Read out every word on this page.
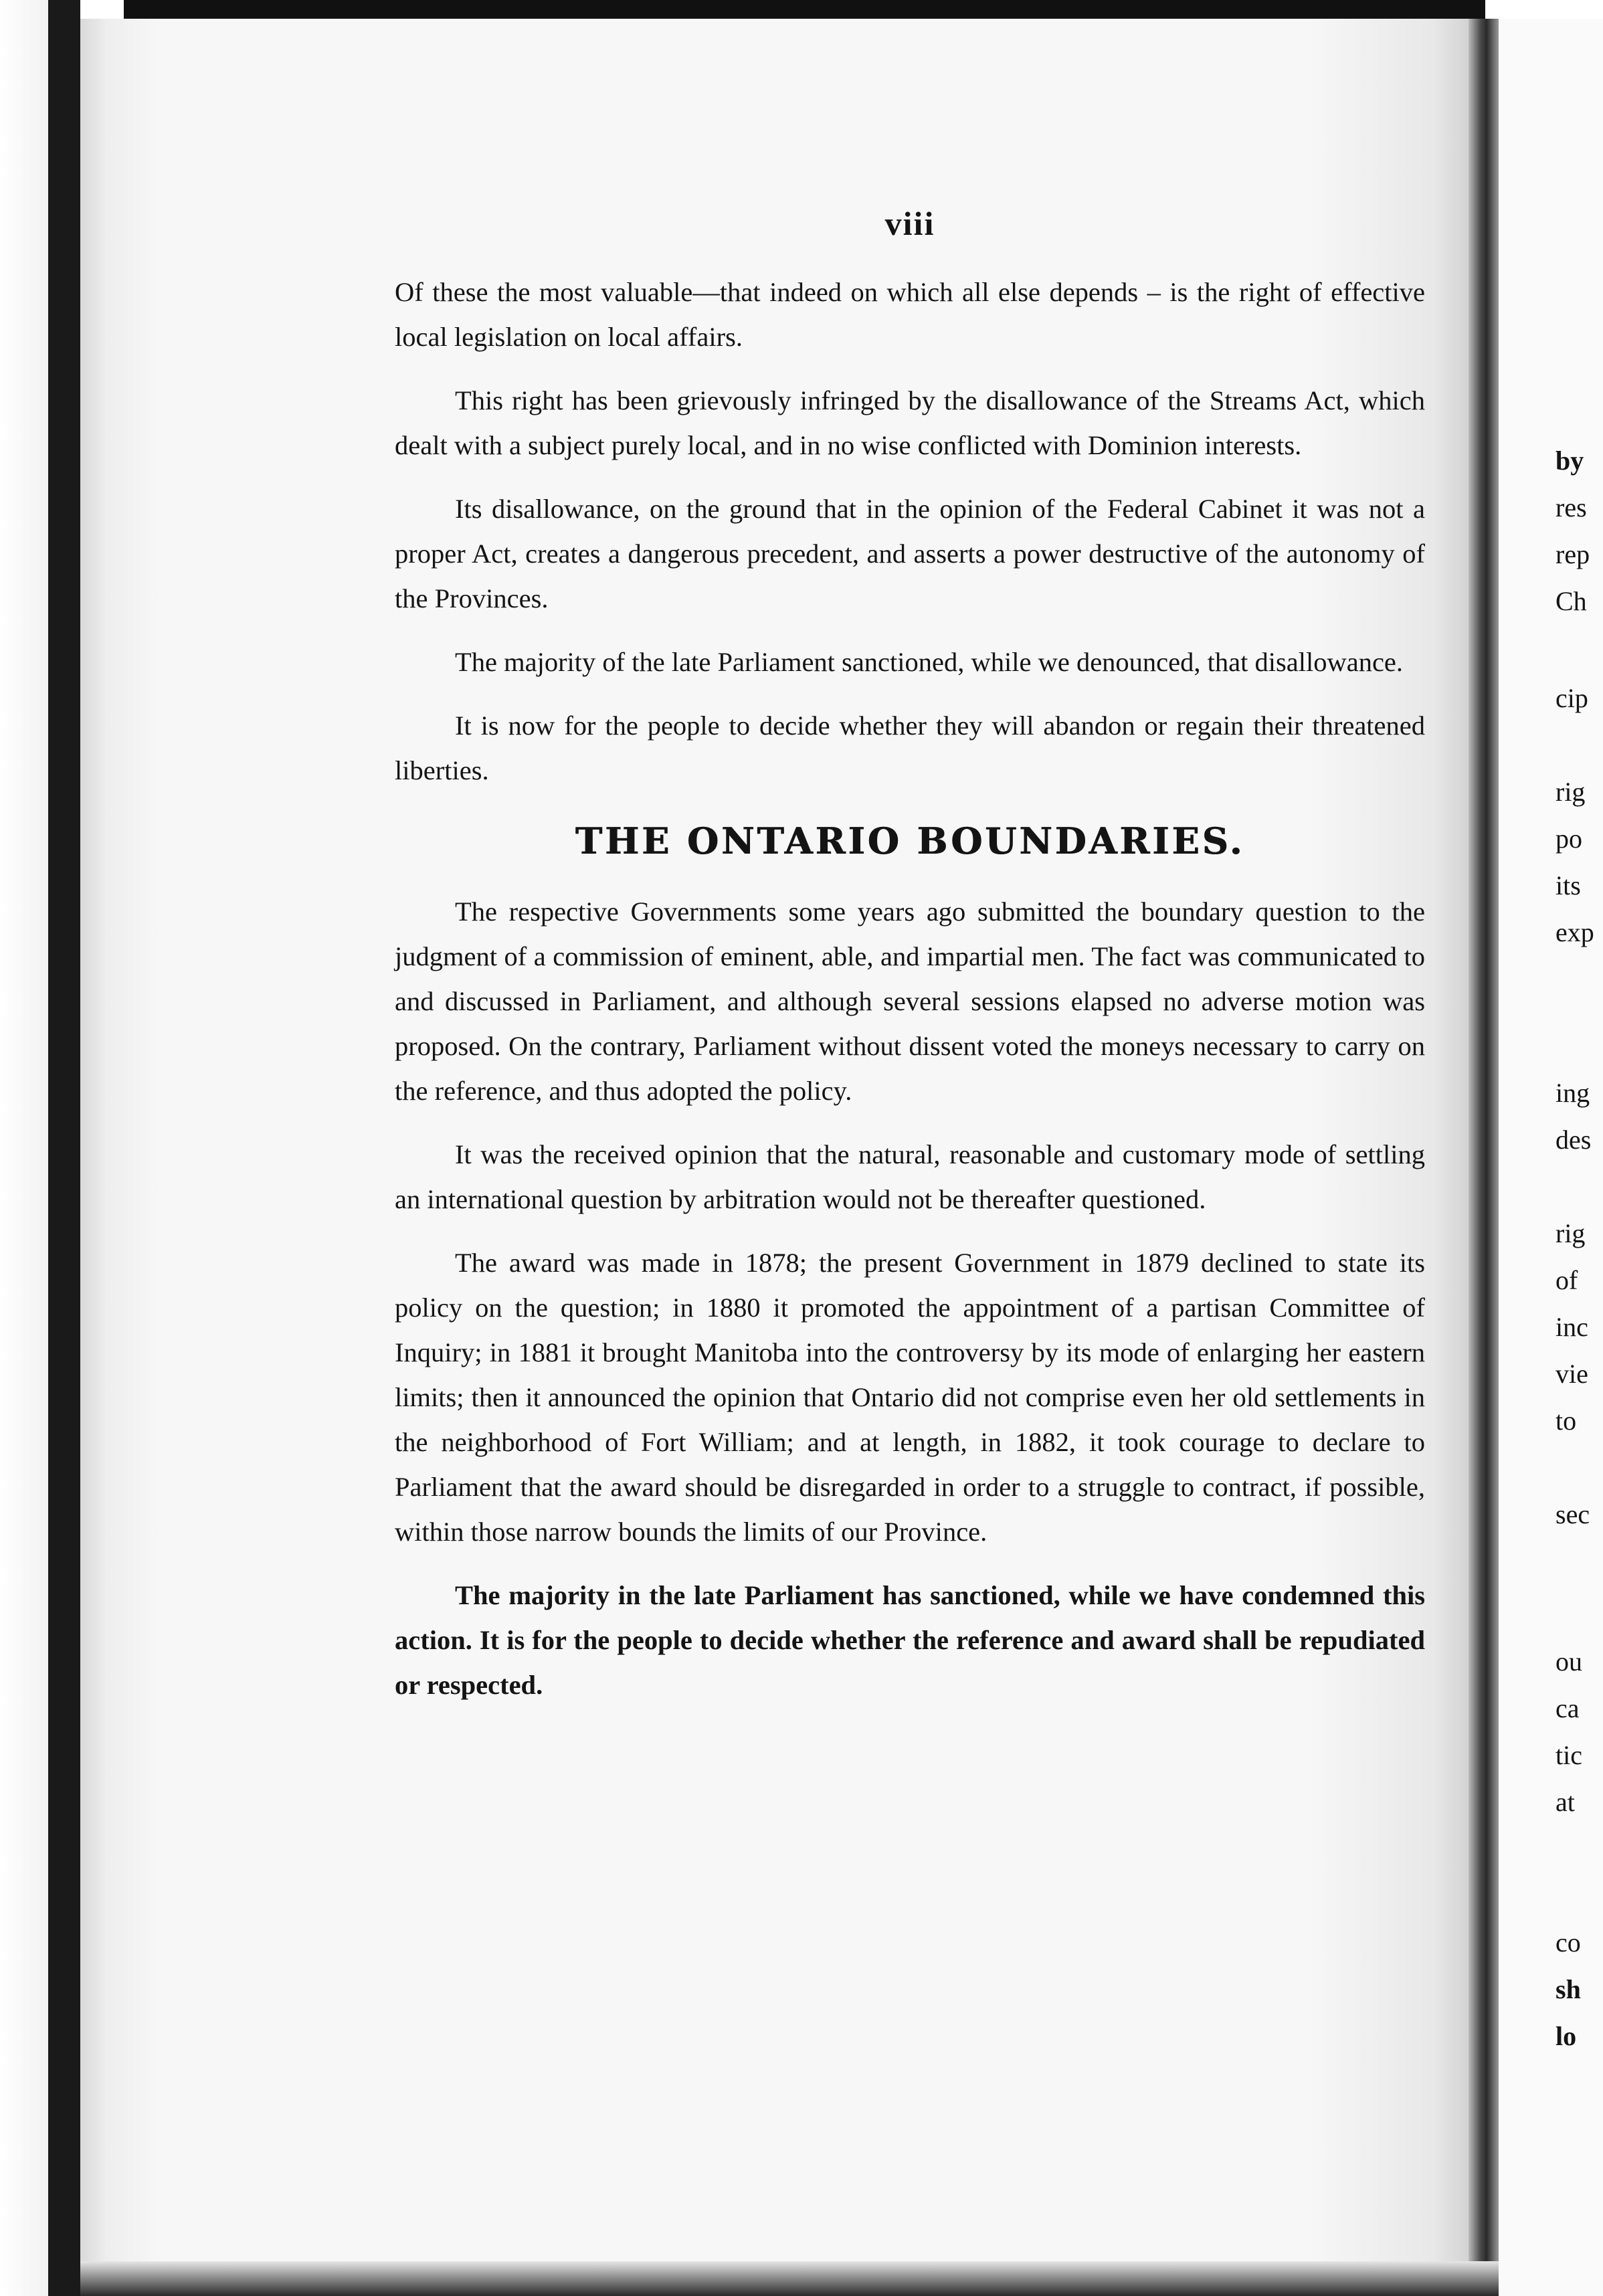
viii

Of these the most valuable—that indeed on which all else depends – is the right of effective local legislation on local affairs.

This right has been grievously infringed by the disallowance of the Streams Act, which dealt with a subject purely local, and in no wise conflicted with Dominion interests.

Its disallowance, on the ground that in the opinion of the Federal Cabinet it was not a proper Act, creates a dangerous precedent, and asserts a power destructive of the autonomy of the Provinces.

The majority of the late Parliament sanctioned, while we denounced, that disallowance.

It is now for the people to decide whether they will abandon or regain their threatened liberties.

THE ONTARIO BOUNDARIES.

The respective Governments some years ago submitted the boundary question to the judgment of a commission of eminent, able, and impartial men. The fact was communicated to and discussed in Parliament, and although several sessions elapsed no adverse motion was proposed. On the contrary, Parliament without dissent voted the moneys necessary to carry on the reference, and thus adopted the policy.

It was the received opinion that the natural, reasonable and customary mode of settling an international question by arbitration would not be thereafter questioned.

The award was made in 1878; the present Government in 1879 declined to state its policy on the question; in 1880 it promoted the appointment of a partisan Committee of Inquiry; in 1881 it brought Manitoba into the controversy by its mode of enlarging her eastern limits; then it announced the opinion that Ontario did not comprise even her old settlements in the neighborhood of Fort William; and at length, in 1882, it took courage to declare to Parliament that the award should be disregarded in order to a struggle to contract, if possible, within those narrow bounds the limits of our Province.

The majority in the late Parliament has sanctioned, while we have condemned this action. It is for the people to decide whether the reference and award shall be repudiated or respected.

by
res
rep
Ch
cip
rig
po
its
exp
ing
des
rig
of
inc
vie
to
sec
ou
ca
tic
at
co
sh
lo
